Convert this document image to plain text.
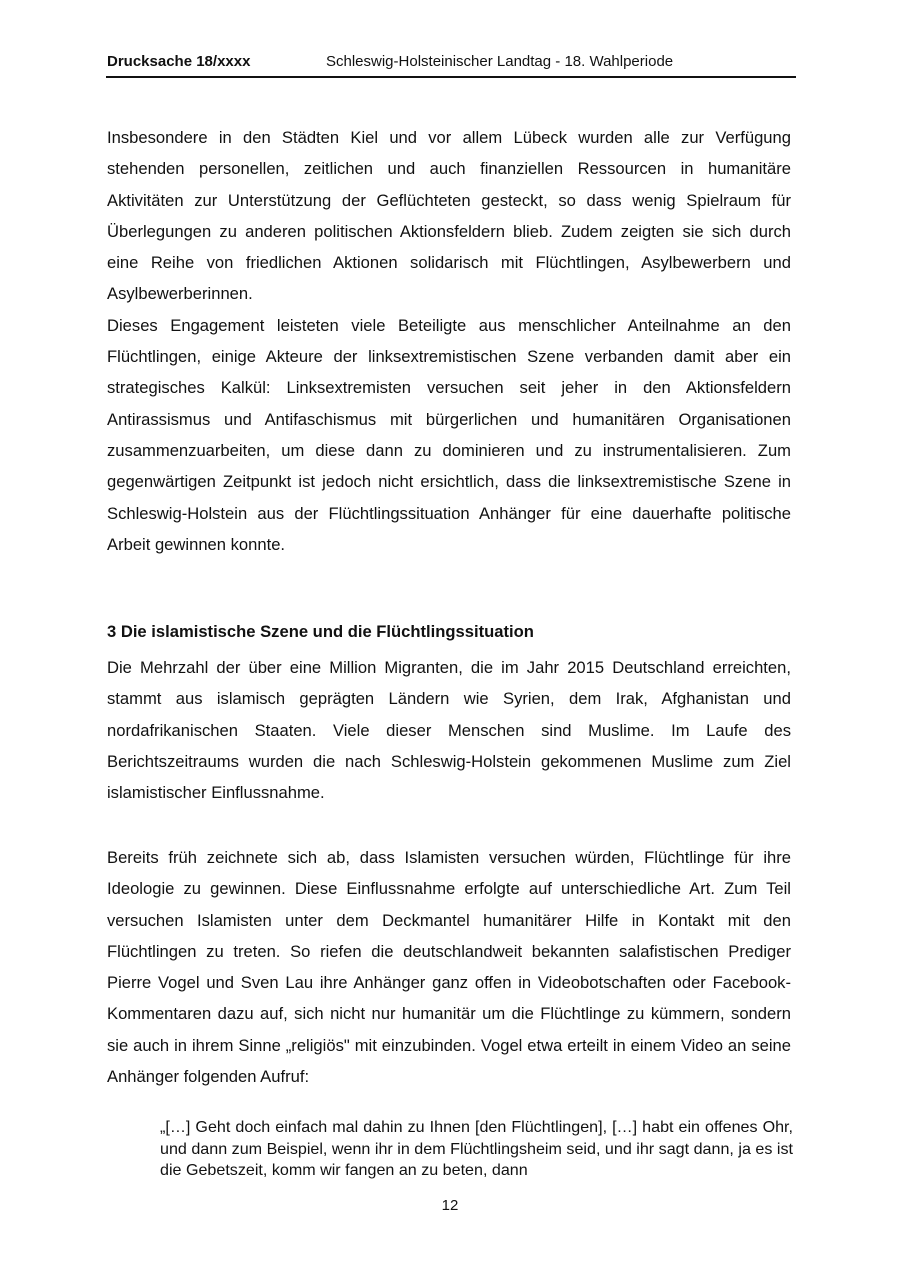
Drucksache 18/xxxx	Schleswig-Holsteinischer Landtag - 18. Wahlperiode

Insbesondere in den Städten Kiel und vor allem Lübeck wurden alle zur Verfügung stehenden personellen, zeitlichen und auch finanziellen Ressourcen in humanitäre Aktivitäten zur Unterstützung der Geflüchteten gesteckt, so dass wenig Spielraum für Überlegungen zu anderen politischen Aktionsfeldern blieb. Zudem zeigten sie sich durch eine Reihe von friedlichen Aktionen solidarisch mit Flüchtlingen, Asylbewerbern und Asylbewerberinnen.

Dieses Engagement leisteten viele Beteiligte aus menschlicher Anteilnahme an den Flüchtlingen, einige Akteure der linksextremistischen Szene verbanden damit aber ein strategisches Kalkül: Linksextremisten versuchen seit jeher in den Aktionsfeldern Antirassismus und Antifaschismus mit bürgerlichen und humanitären Organisationen zusammenzuarbeiten, um diese dann zu dominieren und zu instrumentalisieren. Zum gegenwärtigen Zeitpunkt ist jedoch nicht ersichtlich, dass die linksextremistische Szene in Schleswig-Holstein aus der Flüchtlingssituation Anhänger für eine dauerhafte politische Arbeit gewinnen konnte.

3 Die islamistische Szene und die Flüchtlingssituation
Die Mehrzahl der über eine Million Migranten, die im Jahr 2015 Deutschland erreichten, stammt aus islamisch geprägten Ländern wie Syrien, dem Irak, Afghanistan und nordafrikanischen Staaten. Viele dieser Menschen sind Muslime. Im Laufe des Berichtszeitraums wurden die nach Schleswig-Holstein gekommenen Muslime zum Ziel islamistischer Einflussnahme.
Bereits früh zeichnete sich ab, dass Islamisten versuchen würden, Flüchtlinge für ihre Ideologie zu gewinnen. Diese Einflussnahme erfolgte auf unterschiedliche Art. Zum Teil versuchen Islamisten unter dem Deckmantel humanitärer Hilfe in Kontakt mit den Flüchtlingen zu treten. So riefen die deutschlandweit bekannten salafistischen Prediger Pierre Vogel und Sven Lau ihre Anhänger ganz offen in Videobotschaften oder Facebook-Kommentaren dazu auf, sich nicht nur humanitär um die Flüchtlinge zu kümmern, sondern sie auch in ihrem Sinne „religiös" mit einzubinden. Vogel etwa erteilt in einem Video an seine Anhänger folgenden Aufruf:
„[…] Geht doch einfach mal dahin zu Ihnen [den Flüchtlingen], […] habt ein offenes Ohr, und dann zum Beispiel, wenn ihr in dem Flüchtlingsheim seid, und ihr sagt dann, ja es ist die Gebetszeit, komm wir fangen an zu beten, dann
12
